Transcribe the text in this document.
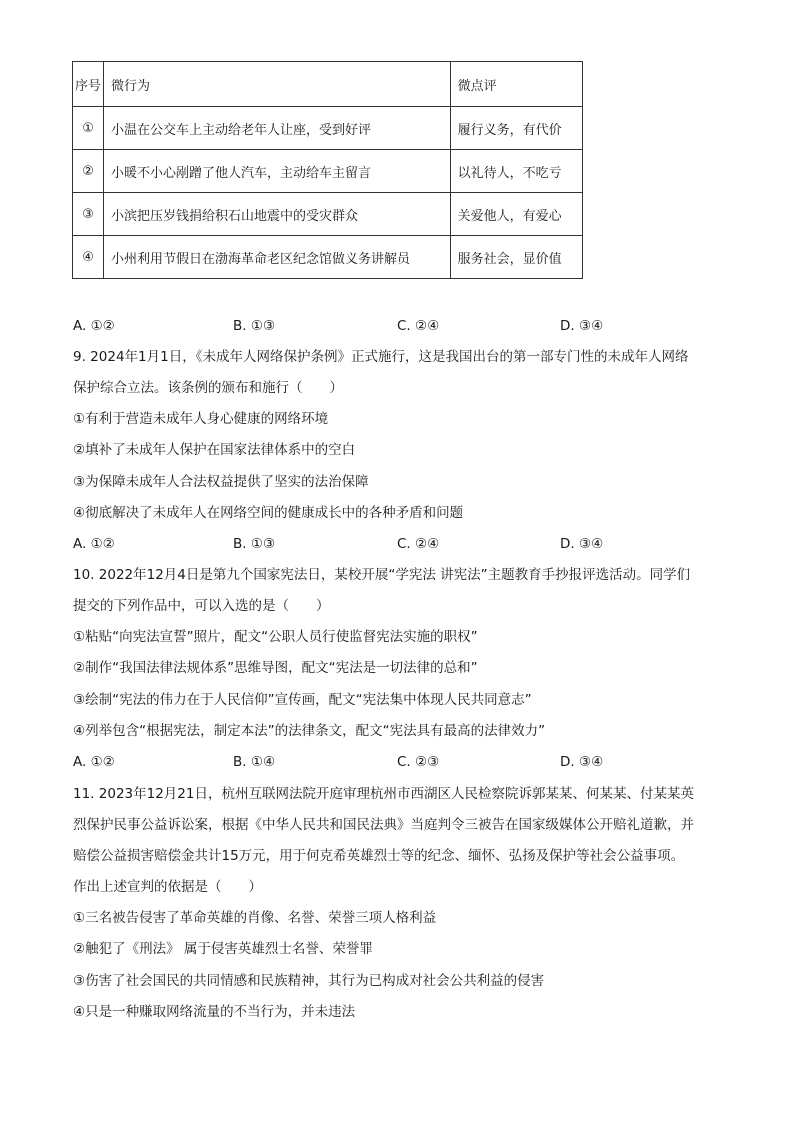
序号	微行为	微点评
①	小温在公交车上主动给老年人让座，受到好评	履行义务，有代价
②	小暖不小心剐蹭了他人汽车，主动给车主留言	以礼待人，不吃亏
③	小滨把压岁钱捐给积石山地震中的受灾群众	关爱他人，有爱心
④	小州利用节假日在渤海革命老区纪念馆做义务讲解员	服务社会，显价值
A. ①②	B. ①③	C. ②④	D. ③④
9. 2024年1月1日，《未成年人网络保护条例》正式施行，这是我国出台的第一部专门性的未成年人网络
保护综合立法。该条例的颁布和施行（　　）
①有利于营造未成年人身心健康的网络环境
②填补了未成年人保护在国家法律体系中的空白
③为保障未成年人合法权益提供了坚实的法治保障
④彻底解决了未成年人在网络空间的健康成长中的各种矛盾和问题
A. ①②	B. ①③	C. ②④	D. ③④
10. 2022年12月4日是第九个国家宪法日，某校开展“学宪法 讲宪法”主题教育手抄报评选活动。同学们
提交的下列作品中，可以入选的是（　　）
①粘贴“向宪法宣誓”照片，配文“公职人员行使监督宪法实施的职权”
②制作“我国法律法规体系”思维导图，配文“宪法是一切法律的总和”
③绘制“宪法的伟力在于人民信仰”宣传画，配文“宪法集中体现人民共同意志”
④列举包含“根据宪法，制定本法”的法律条文，配文“宪法具有最高的法律效力”
A. ①②	B. ①④	C. ②③	D. ③④
11. 2023年12月21日，杭州互联网法院开庭审理杭州市西湖区人民检察院诉郭某某、何某某、付某某英
烈保护民事公益诉讼案，根据《中华人民共和国民法典》当庭判令三被告在国家级媒体公开赔礼道歉，并
赔偿公益损害赔偿金共计15万元，用于何克希英雄烈士等的纪念、缅怀、弘扬及保护等社会公益事项。
作出上述宣判的依据是（　　）
①三名被告侵害了革命英雄的肖像、名誉、荣誉三项人格利益
②触犯了《刑法》 属于侵害英雄烈士名誉、荣誉罪
③伤害了社会国民的共同情感和民族精神，其行为已构成对社会公共利益的侵害
④只是一种赚取网络流量的不当行为，并未违法
